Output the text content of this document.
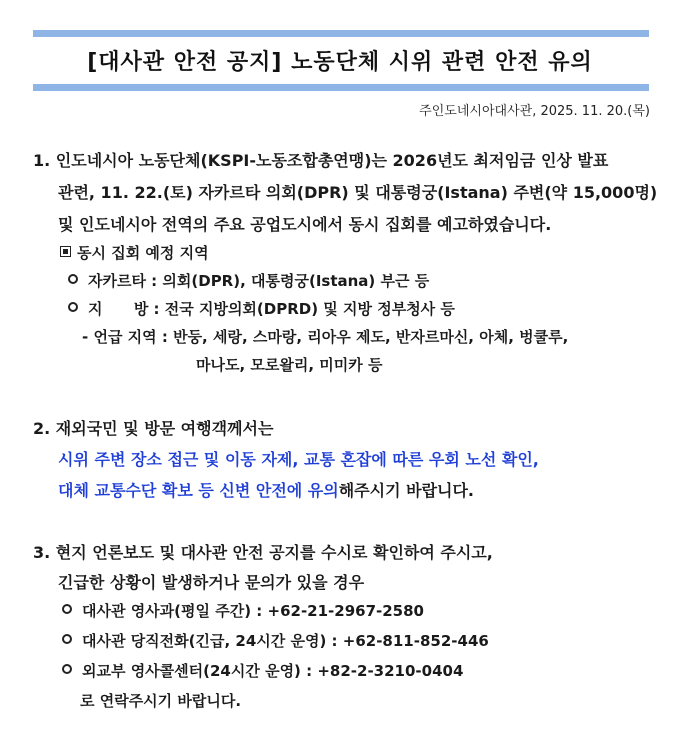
[대사관 안전 공지] 노동단체 시위 관련 안전 유의
주인도네시아대사관, 2025. 11. 20.(목)
1. 인도네시아 노동단체(KSPI-노동조합총연맹)는 2026년도 최저임금 인상 발표
관련, 11. 22.(토) 자카르타 의회(DPR) 및 대통령궁(Istana) 주변(약 15,000명)
및 인도네시아 전역의 주요 공업도시에서 동시 집회를 예고하였습니다.
동시 집회 예정 지역
자카르타 : 의회(DPR), 대통령궁(Istana) 부근 등
지      방 : 전국 지방의회(DPRD) 및 지방 정부청사 등
- 언급 지역 : 반둥, 세랑, 스마랑, 리아우 제도, 반자르마신, 아체, 벙쿨루,
마나도, 모로왈리, 미미카 등
2. 재외국민 및 방문 여행객께서는
시위 주변 장소 접근 및 이동 자제, 교통 혼잡에 따른 우회 노선 확인,
대체 교통수단 확보 등 신변 안전에 유의해주시기 바랍니다.
3. 현지 언론보도 및 대사관 안전 공지를 수시로 확인하여 주시고,
긴급한 상황이 발생하거나 문의가 있을 경우
대사관 영사과(평일 주간) : +62-21-2967-2580
대사관 당직전화(긴급, 24시간 운영) : +62-811-852-446
외교부 영사콜센터(24시간 운영) : +82-2-3210-0404
로 연락주시기 바랍니다.
